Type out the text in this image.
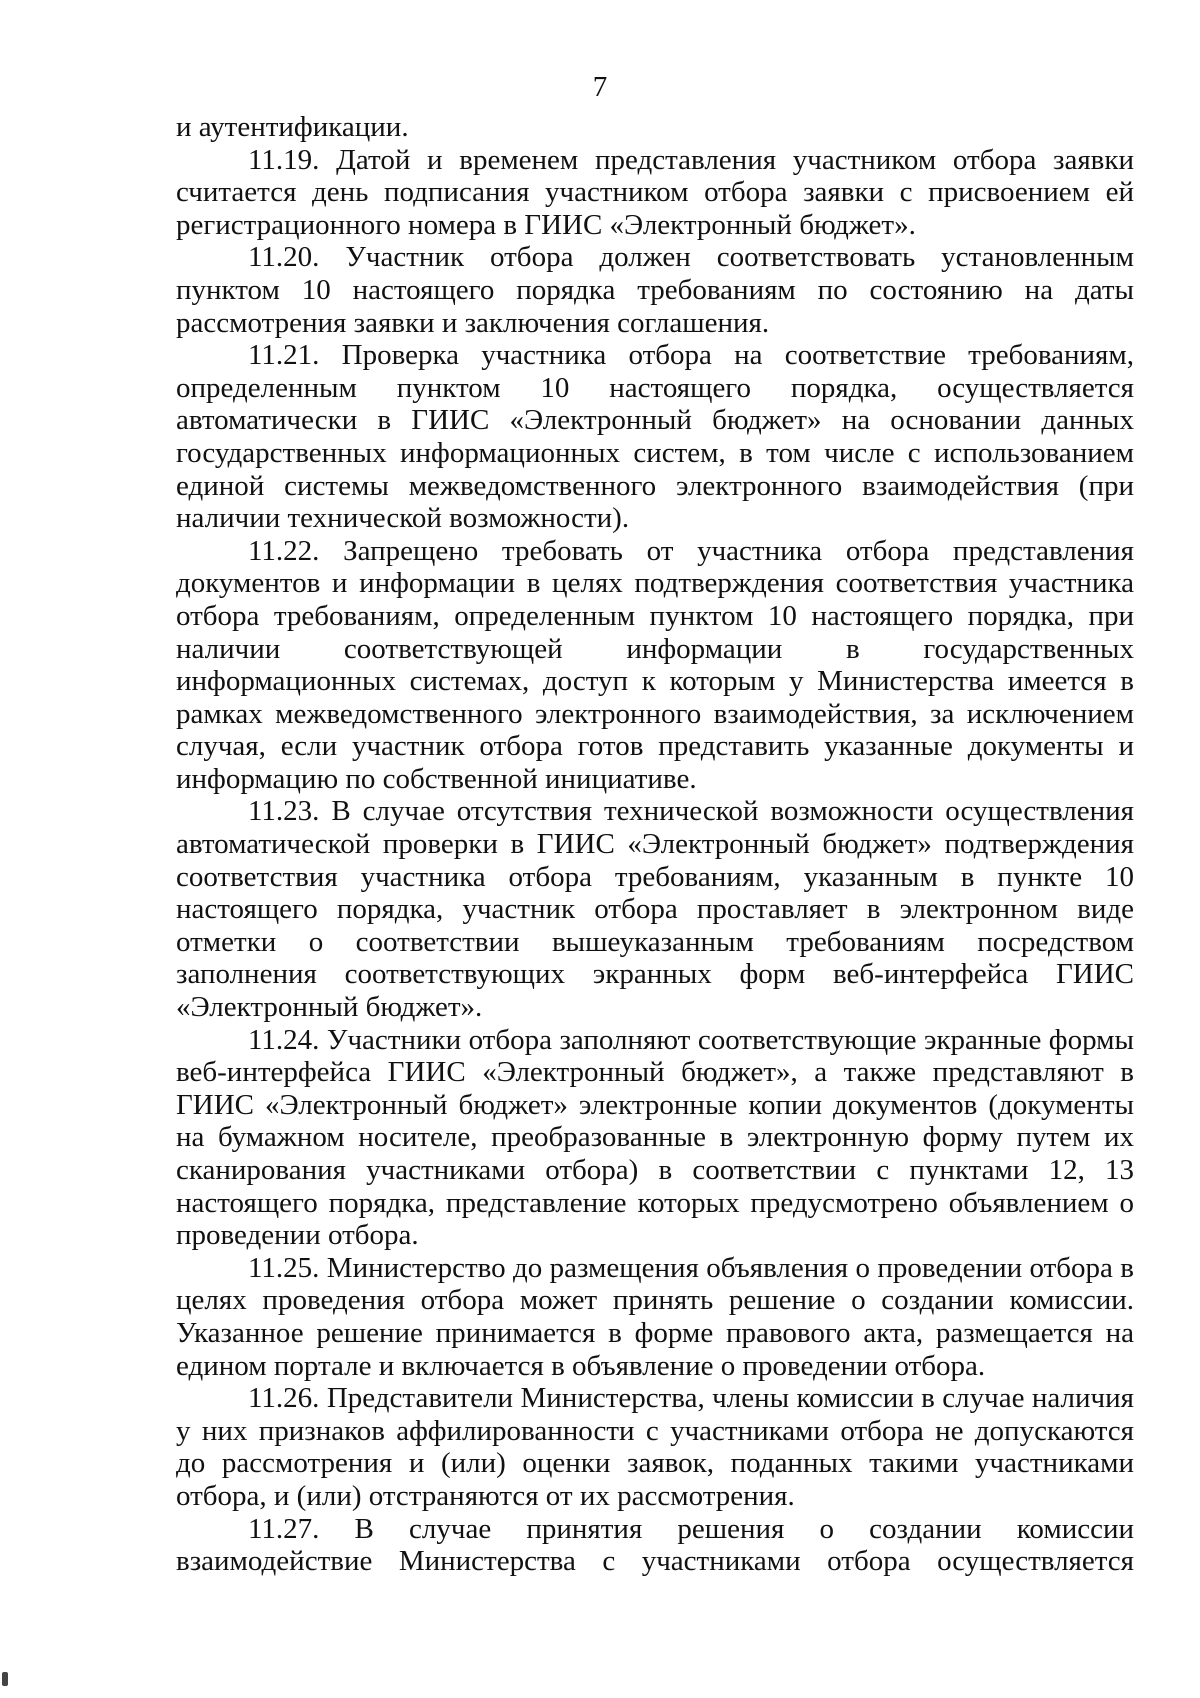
7

и аутентификации.

11.19. Датой и временем представления участником отбора заявки считается день подписания участником отбора заявки с присвоением ей регистрационного номера в ГИИС «Электронный бюджет».

11.20. Участник отбора должен соответствовать установленным пунктом 10 настоящего порядка требованиям по состоянию на даты рассмотрения заявки и заключения соглашения.

11.21. Проверка участника отбора на соответствие требованиям, определенным пунктом 10 настоящего порядка, осуществляется автоматически в ГИИС «Электронный бюджет» на основании данных государственных информационных систем, в том числе с использованием единой системы межведомственного электронного взаимодействия (при наличии технической возможности).

11.22. Запрещено требовать от участника отбора представления документов и информации в целях подтверждения соответствия участника отбора требованиям, определенным пунктом 10 настоящего порядка, при наличии соответствующей информации в государственных информационных системах, доступ к которым у Министерства имеется в рамках межведомственного электронного взаимодействия, за исключением случая, если участник отбора готов представить указанные документы и информацию по собственной инициативе.

11.23. В случае отсутствия технической возможности осуществления автоматической проверки в ГИИС «Электронный бюджет» подтверждения соответствия участника отбора требованиям, указанным в пункте 10 настоящего порядка, участник отбора проставляет в электронном виде отметки о соответствии вышеуказанным требованиям посредством заполнения соответствующих экранных форм веб-интерфейса ГИИС «Электронный бюджет».

11.24. Участники отбора заполняют соответствующие экранные формы веб-интерфейса ГИИС «Электронный бюджет», а также представляют в ГИИС «Электронный бюджет» электронные копии документов (документы на бумажном носителе, преобразованные в электронную форму путем их сканирования участниками отбора) в соответствии с пунктами 12, 13 настоящего порядка, представление которых предусмотрено объявлением о проведении отбора.

11.25. Министерство до размещения объявления о проведении отбора в целях проведения отбора может принять решение о создании комиссии. Указанное решение принимается в форме правового акта, размещается на едином портале и включается в объявление о проведении отбора.

11.26. Представители Министерства, члены комиссии в случае наличия у них признаков аффилированности с участниками отбора не допускаются до рассмотрения и (или) оценки заявок, поданных такими участниками отбора, и (или) отстраняются от их рассмотрения.

11.27. В случае принятия решения о создании комиссии взаимодействие Министерства с участниками отбора осуществляется
